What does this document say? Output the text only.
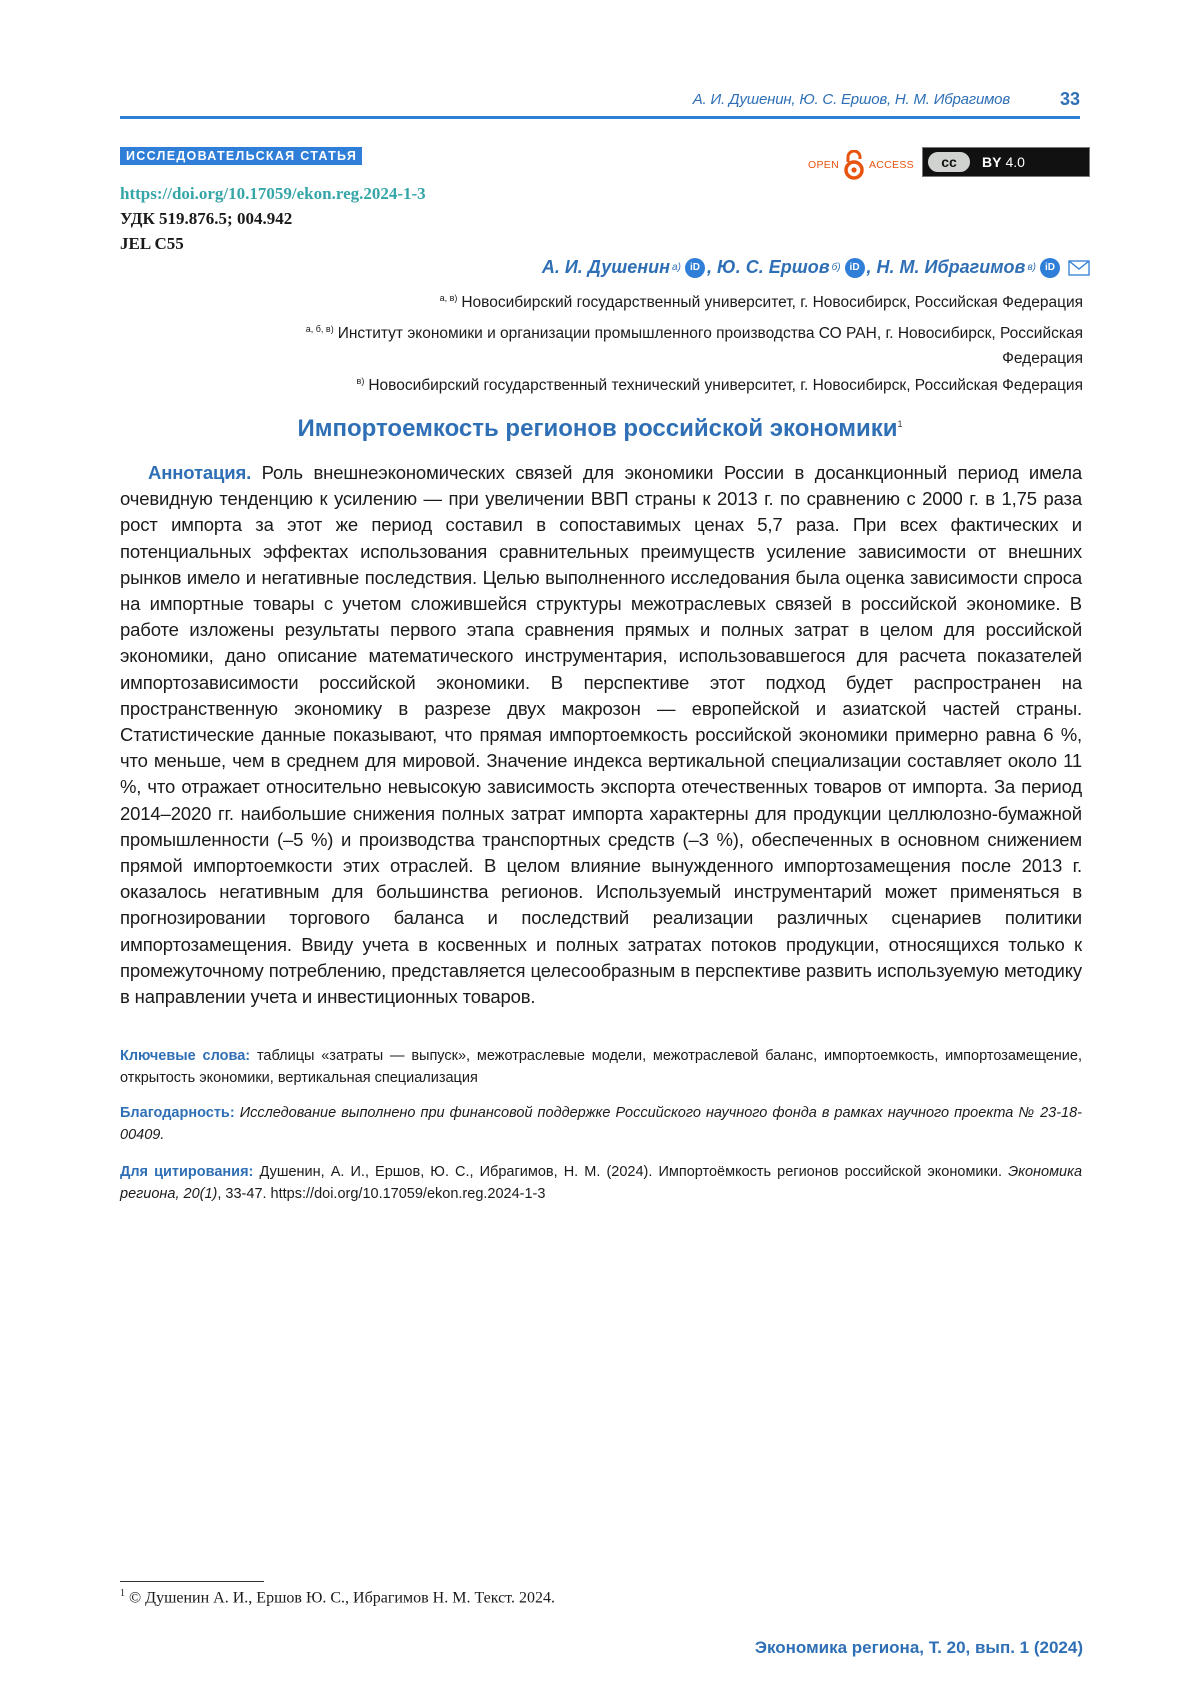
А. И. Душенин, Ю. С. Ершов, Н. М. Ибрагимов	33
ИССЛЕДОВАТЕЛЬСКАЯ СТАТЬЯ
OPEN	ACCESS	cc	BY 4.0
https://doi.org/10.17059/ekon.reg.2024-1-3
УДК 519.876.5; 004.942
JEL C55
А. И. Душенин а) iD , Ю. С. Ершов б) iD , Н. М. Ибрагимов в) iD
$^{а, в)}$ Новосибирский государственный университет, г. Новосибирск, Российская Федерация
$^{а, б, в)}$ Институт экономики и организации промышленного производства СО РАН, г. Новосибирск, Российская Федерация
$^{в)}$ Новосибирский государственный технический университет, г. Новосибирск, Российская Федерация
Импортоемкость регионов российской экономики$^1$

Аннотация. Роль внешнеэкономических связей для экономики России в досанкционный период имела очевидную тенденцию к усилению — при увеличении ВВП страны к 2013 г. по сравнению с 2000 г. в 1,75 раза рост импорта за этот же период составил в сопоставимых ценах 5,7 раза. При всех фактических и потенциальных эффектах использования сравнительных преимуществ усиление зависимости от внешних рынков имело и негативные последствия. Целью выполненного исследования была оценка зависимости спроса на импортные товары с учетом сложившейся структуры межотраслевых связей в российской экономике. В работе изложены результаты первого этапа сравнения прямых и полных затрат в целом для российской экономики, дано описание математического инструментария, использовавшегося для расчета показателей импортозависимости российской экономики. В перспективе этот подход будет распространен на пространственную экономику в разрезе двух макрозон — европейской и азиатской частей страны. Статистические данные показывают, что прямая импортоемкость российской экономики примерно равна 6 %, что меньше, чем в среднем для мировой. Значение индекса вертикальной специализации составляет около 11 %, что отражает относительно невысокую зависимость экспорта отечественных товаров от импорта. За период 2014–2020 гг. наибольшие снижения полных затрат импорта характерны для продукции целлюлозно-бумажной промышленности (–5 %) и производства транспортных средств (–3 %), обеспеченных в основном снижением прямой импортоемкости этих отраслей. В целом влияние вынужденного импортозамещения после 2013 г. оказалось негативным для большинства регионов. Используемый инструментарий может применяться в прогнозировании торгового баланса и последствий реализации различных сценариев политики импортозамещения. Ввиду учета в косвенных и полных затратах потоков продукции, относящихся только к промежуточному потреблению, представляется целесообразным в перспективе развить используемую методику в направлении учета и инвестиционных товаров.

Ключевые слова: таблицы «затраты — выпуск», межотраслевые модели, межотраслевой баланс, импортоемкость, импортозамещение, открытость экономики, вертикальная специализация

Благодарность: Исследование выполнено при финансовой поддержке Российского научного фонда в рамках научного проекта № 23-18-00409.

Для цитирования: Душенин, А. И., Ершов, Ю. С., Ибрагимов, Н. М. (2024). Импортоёмкость регионов российской экономики. Экономика региона, 20(1), 33-47. https://doi.org/10.17059/ekon.reg.2024-1-3

$^1$ © Душенин А. И., Ершов Ю. С., Ибрагимов Н. М. Текст. 2024.
Экономика региона, Т. 20, вып. 1 (2024)
